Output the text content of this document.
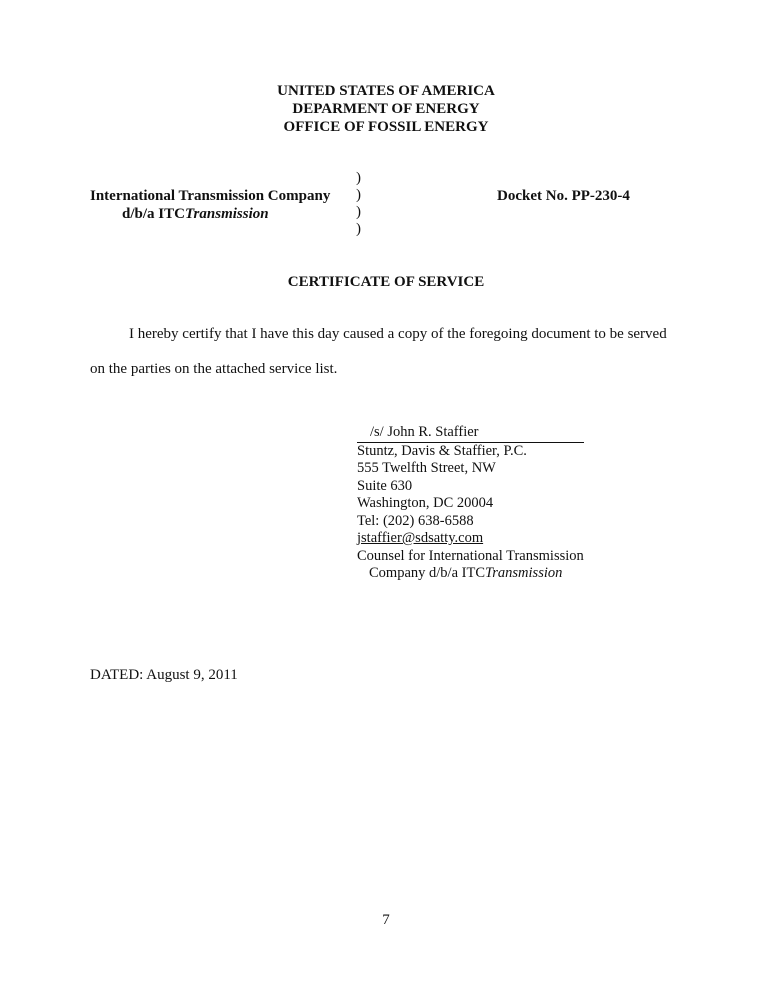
UNITED STATES OF AMERICA
DEPARMENT OF ENERGY
OFFICE OF FOSSIL ENERGY
International Transmission Company
d/b/a ITCTransmission
)
)
)
)
Docket No. PP-230-4
CERTIFICATE OF SERVICE
I hereby certify that I have this day caused a copy of the foregoing document to be served
on the parties on the attached service list.
/s/ John R. Staffier
Stuntz, Davis & Staffier, P.C.
555 Twelfth Street, NW
Suite 630
Washington, DC 20004
Tel: (202) 638-6588
jstaffier@sdsatty.com
Counsel for International Transmission
Company d/b/a ITCTransmission
DATED: August 9, 2011
7
